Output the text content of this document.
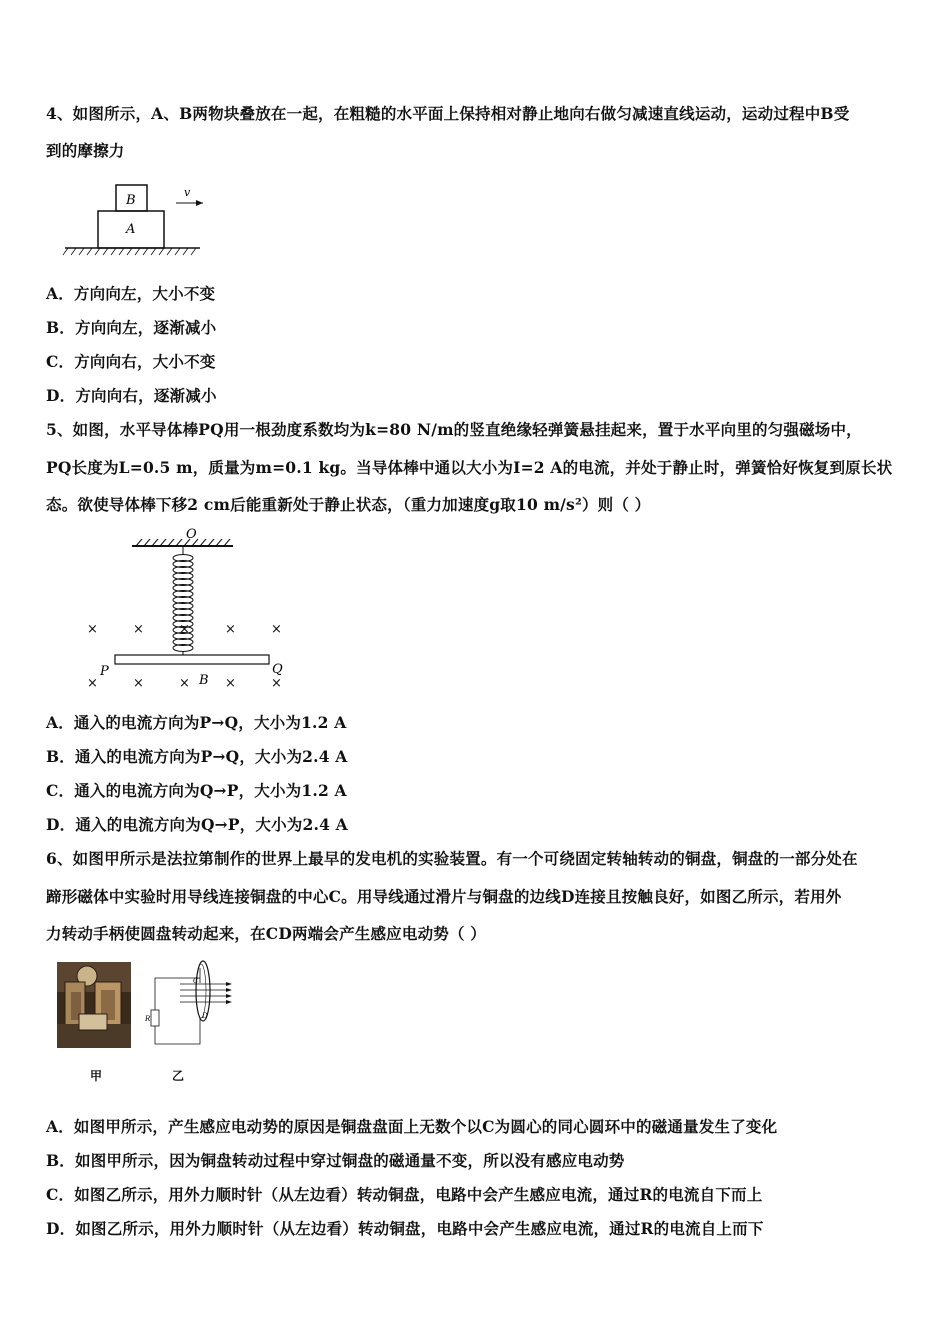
4、如图所示，A、B两物块叠放在一起，在粗糙的水平面上保持相对静止地向右做匀减速直线运动，运动过程中B受
到的摩擦力
B
A
v
A．方向向左，大小不变
B．方向向左，逐渐减小
C．方向向右，大小不变
D．方向向右，逐渐减小
5、如图，水平导体棒PQ用一根劲度系数均为k=80 N/m的竖直绝缘轻弹簧悬挂起来，置于水平向里的匀强磁场中，
PQ长度为L=0.5 m，质量为m=0.1 kg。当导体棒中通以大小为I=2 A的电流，并处于静止时，弹簧恰好恢复到原长状
态。欲使导体棒下移2 cm后能重新处于静止状态，（重力加速度g取10 m/s²）则（ ）
O
×	×	×	×	×
×	×	×	×	×
P	Q
B
A．通入的电流方向为P→Q，大小为1.2 A
B．通入的电流方向为P→Q，大小为2.4 A
C．通入的电流方向为Q→P，大小为1.2 A
D．通入的电流方向为Q→P，大小为2.4 A
6、如图甲所示是法拉第制作的世界上最早的发电机的实验装置。有一个可绕固定转轴转动的铜盘，铜盘的一部分处在
蹄形磁体中实验时用导线连接铜盘的中心C。用导线通过滑片与铜盘的边线D连接且按触良好，如图乙所示，若用外
力转动手柄使圆盘转动起来，在CD两端会产生感应电动势（ ）
C
D
R
甲	乙
A．如图甲所示，产生感应电动势的原因是铜盘盘面上无数个以C为圆心的同心圆环中的磁通量发生了变化
B．如图甲所示，因为铜盘转动过程中穿过铜盘的磁通量不变，所以没有感应电动势
C．如图乙所示，用外力顺时针（从左边看）转动铜盘，电路中会产生感应电流，通过R的电流自下而上
D．如图乙所示，用外力顺时针（从左边看）转动铜盘，电路中会产生感应电流，通过R的电流自上而下
